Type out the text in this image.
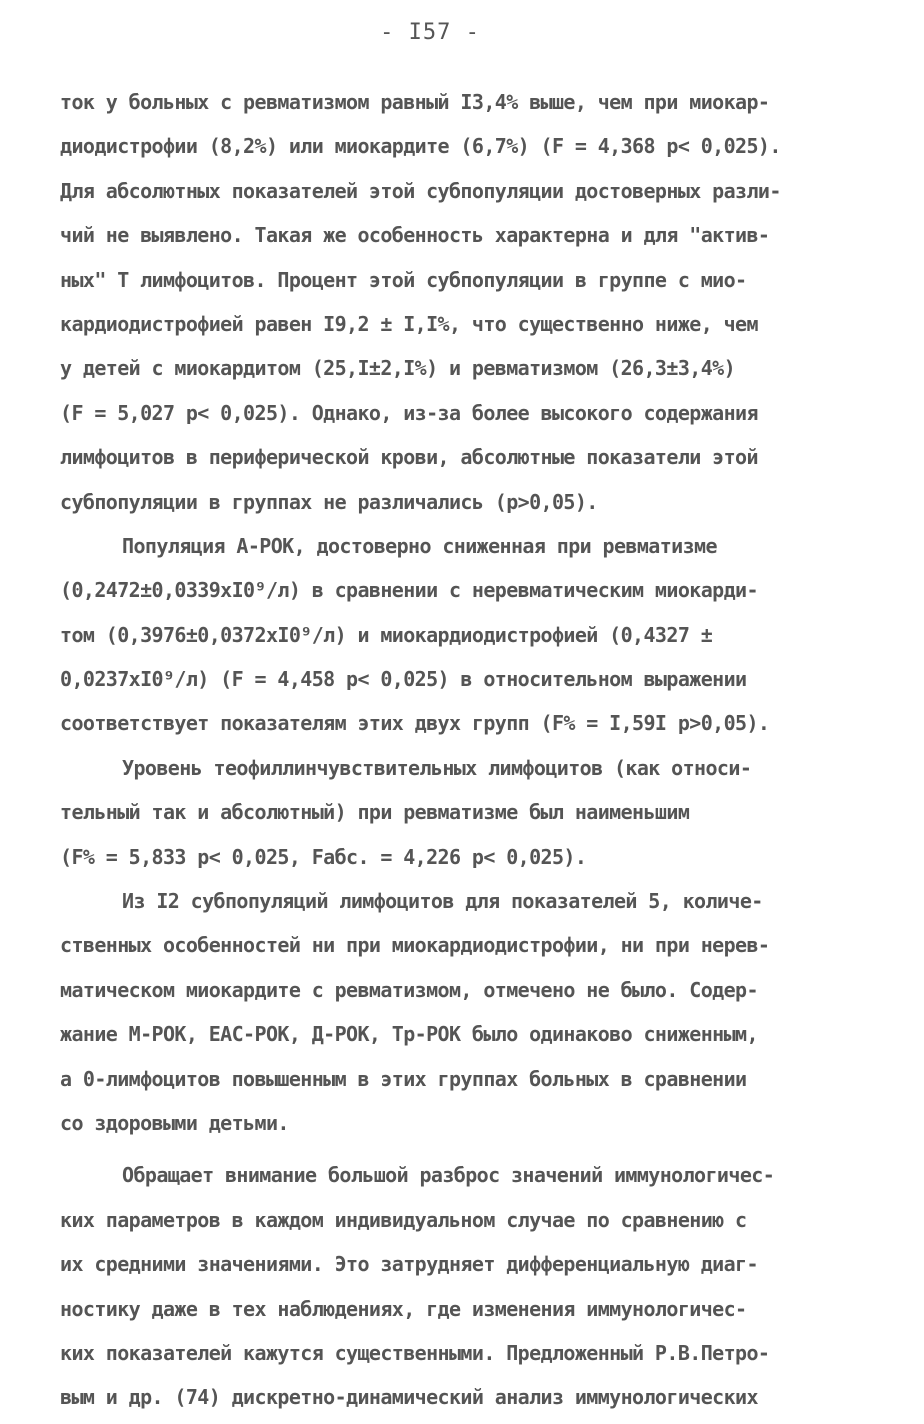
- I57 -
ток у больных с ревматизмом равный I3,4% выше, чем при миокар-
диодистрофии (8,2%) или миокардите (6,7%) (F = 4,368 p< 0,025).
Для абсолютных показателей этой субпопуляции достоверных разли-
чий не выявлено. Такая же особенность характерна и для "актив-
ных" Т лимфоцитов. Процент этой субпопуляции в группе с мио-
кардиодистрофией равен I9,2 ± I,I%, что существенно ниже, чем
у детей с миокардитом (25,I±2,I%) и ревматизмом (26,3±3,4%)
(F = 5,027 p< 0,025). Однако, из-за более высокого содержания
лимфоцитов в периферической крови, абсолютные показатели этой
субпопуляции в группах не различались (p>0,05).
Популяция А-РОК, достоверно сниженная при ревматизме
(0,2472±0,0339xI0⁹/л) в сравнении с неревматическим миокарди-
том (0,3976±0,0372xI0⁹/л) и миокардиодистрофией (0,4327 ±
0,0237xI0⁹/л) (F = 4,458 p< 0,025) в относительном выражении
соответствует показателям этих двух групп (F% = I,59I p>0,05).
Уровень теофиллинчувствительных лимфоцитов (как относи-
тельный так и абсолютный) при ревматизме был наименьшим
(F% = 5,833 p< 0,025, Fабс. = 4,226 p< 0,025).
Из I2 субпопуляций лимфоцитов для показателей 5, количе-
ственных особенностей ни при миокардиодистрофии, ни при нерев-
матическом миокардите с ревматизмом, отмечено не было. Содер-
жание М-РОК, ЕАС-РОК, Д-РОК, Тр-РОК было одинаково сниженным,
а 0-лимфоцитов повышенным в этих группах больных в сравнении
со здоровыми детьми.
Обращает внимание большой разброс значений иммунологичес-
ких параметров в каждом индивидуальном случае по сравнению с
их средними значениями. Это затрудняет дифференциальную диаг-
ностику даже в тех наблюдениях, где изменения иммунологичес-
ких показателей кажутся существенными. Предложенный Р.В.Петро-
вым и др. (74) дискретно-динамический анализ иммунологических
